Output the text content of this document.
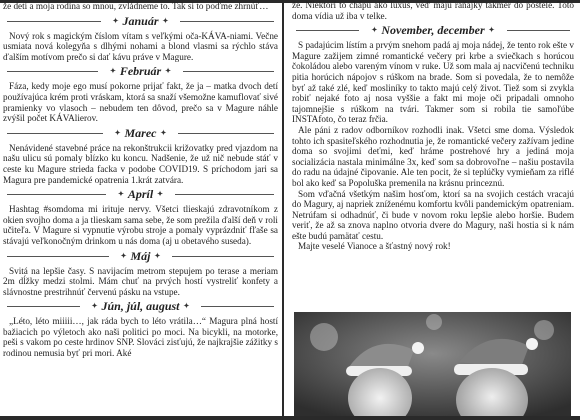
že deti a moja rodina so mnou, zvládneme to. Tak si to poďme zhrnúť…

✦ Január ✦

Nový rok s magickým číslom vítam s veľkými oča-KÁVA-niami. Večne usmiata nová kolegyňa s dlhými nohami a blond vlasmi sa rýchlo stáva ďalším motívom prečo si dať kávu práve v Magure.

✦ Február ✦

Fáza, kedy moje ego musí pokorne prijať fakt, že ja – matka dvoch detí používajúca krém proti vráskam, ktorá sa snaží všemožne kamuflovať sivé pramienky vo vlasoch – nebudem ten dôvod, prečo sa v Magure náhle zvýšil počet KÁVAlierov.

✦ Marec ✦

Nenávidené stavebné práce na rekonštrukcii križovatky pred vjazdom na našu ulicu sú pomaly blízko ku koncu. Nadšenie, že už nič nebude stáť v ceste ku Magure strieda facka v podobe COVID19. S príchodom jari sa Magura pre pandemické opatrenia 1.krát zatvára.

✦ Apríl ✦

Hashtag #somdoma mi irituje nervy. Všetci tlieskajú zdravotníkom z okien svojho doma a ja tlieskam sama sebe, že som prežila ďalší deň v roli učiteľa. V Magure si vypnutie výrobu stroje a pomaly vyprázdniť fľaše sa stávajú veľkonočným drinkom u nás doma (aj u obetavého suseda).

✦ Máj ✦

Svitá na lepšie časy. S navijacím metrom stepujem po terase a meriam 2m dĺžky medzi stolmi. Mám chuť na prvých hostí vystreliť konfety a slávnostne prestrihnúť červenú pásku na vstupe.

✦ Jún, júl, august ✦

„Léto, léto miiiii…, jak ráda bych to léto vrátila…“ Magura plná hostí bažiacich po výletoch ako naši politici po moci. Na bicykli, na motorke, peši s vakom po ceste hrdinov SNP. Slováci zisťujú, že najkrajšie zážitky s rodinou nemusia byť pri mori. Aké

že. Niektorí to chápu ako luxus, ved' majú raňajky takmer do postele. Toto doma vídia už iba v telke.

✦ November, december ✦

S padajúcim lístím a prvým snehom padá aj moja nádej, že tento rok ešte v Magure zažijem zimné romantické večery pri krbe a sviečkach s horúcou čokoládou alebo vareným vínom v ruke. Už som mala aj nacvičenú techniku pitia horúcich nápojov s rúškom na brade. Som si povedala, že to nemôže byť až také zlé, keď mosliníky to takto majú celý život. Tiež som si zvykla robiť nejaké foto aj nosa vyššie a fakt mi moje oči pripadali omnoho tajomnejšie s rúškom na tvári. Takmer som si robila tie samoľúbe INSTAfoto, čo teraz frčia.

Ale páni z radov odborníkov rozhodli inak. Všetci sme doma. Výsledok tohto ich spasiteľského rozhodnutia je, že romantické večery zažívam jedine doma so svojimi deťmi, keď hráme postrehové hry a jediná moja socializácia nastala minimálne 3x, keď som sa dobrovoľne – našiu postavila do radu na údajné čipovanie. Ale ten pocit, že si teplúčky vymieňam za riflé bol ako keď sa Popoluška premenila na krásnu princeznú.

Som vďačná všetkým našim hosťom, ktorí sa na svojich cestách vracajú do Magury, aj napriek zníženému komfortu kvôli pandemickým opatreniam. Netrúfam si odhadnúť, či bude v novom roku lepšie alebo horšie. Budem veriť, že až sa znova naplno otvoria dvere do Magury, naši hostia si k nám ešte budú pamätať cestu.

Majte veselé Vianoce a šťastný nový rok!
